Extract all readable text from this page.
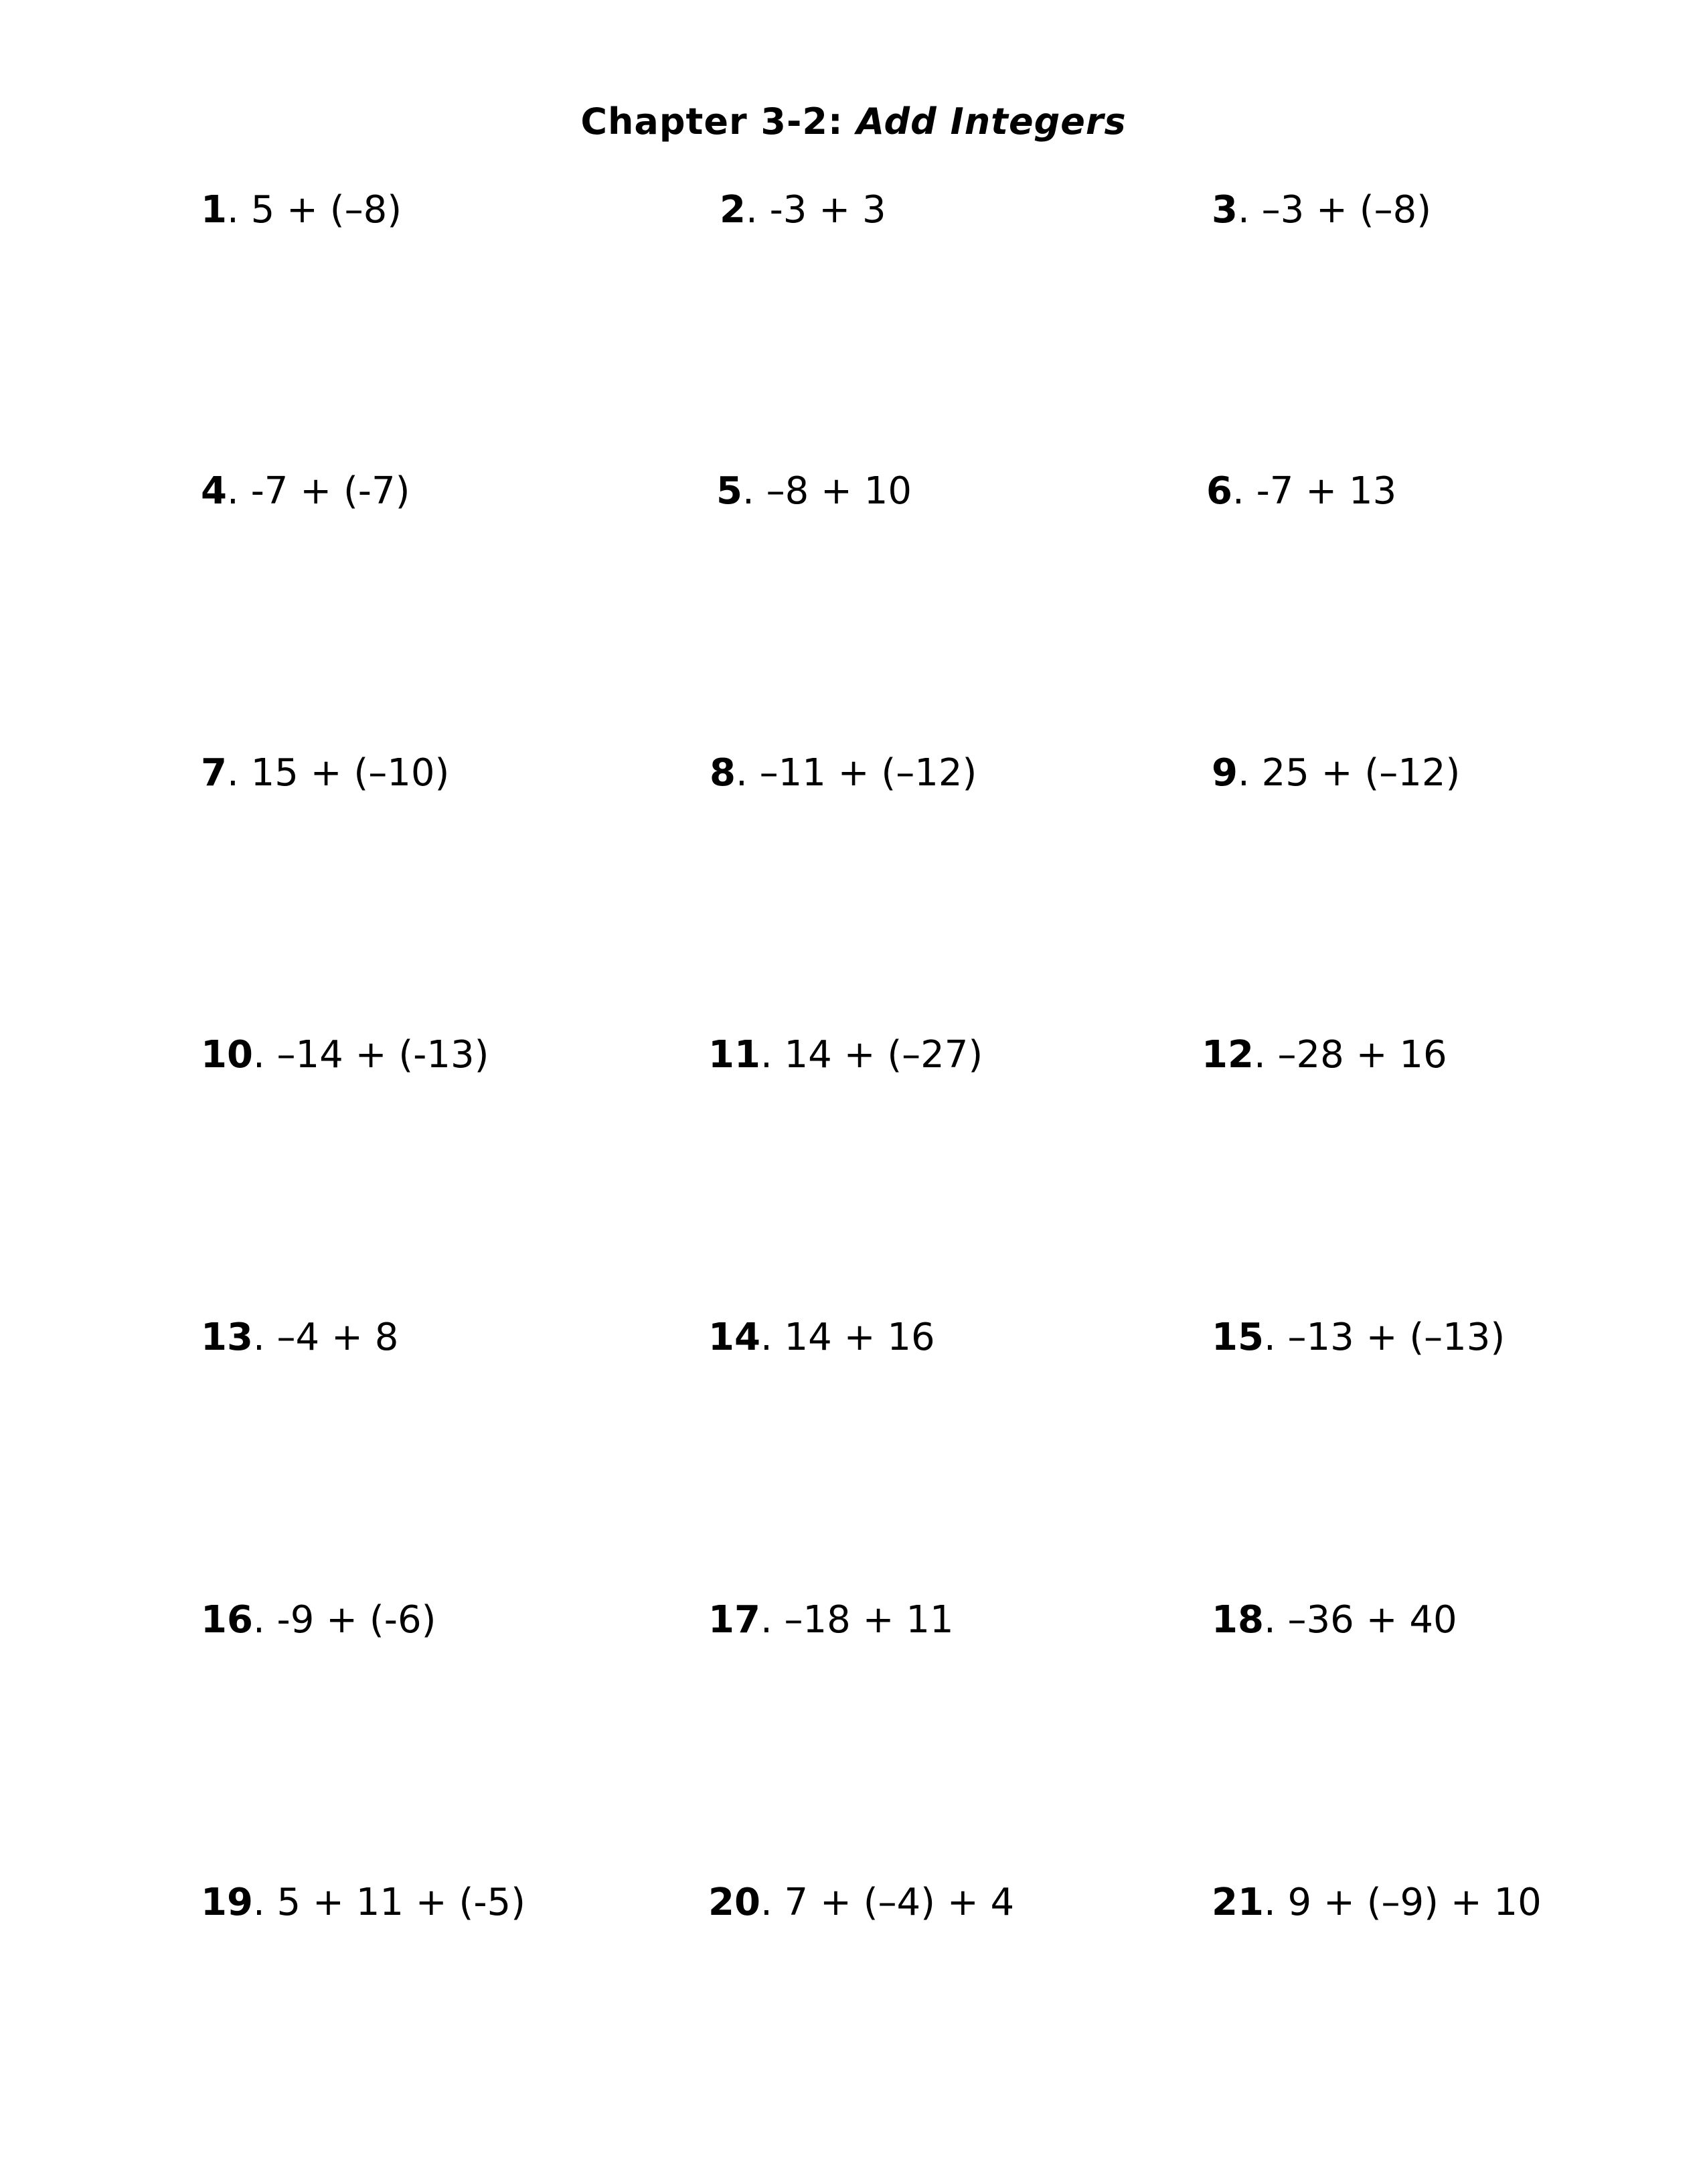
Chapter 3-2: Add Integers
1. 5 + (–8)	2. -3 + 3	3. –3 + (–8)
4. -7 + (-7)	5. –8 + 10	6. -7 + 13
7. 15 + (–10)	8. –11 + (–12)	9. 25 + (–12)
10. –14 + (-13)	11. 14 + (–27)	12. –28 + 16
13. –4 + 8	14. 14 + 16	15. –13 + (–13)
16. -9 + (-6)	17. –18 + 11	18. –36 + 40
19. 5 + 11 + (-5)	20. 7 + (–4) + 4	21. 9 + (–9) + 10
